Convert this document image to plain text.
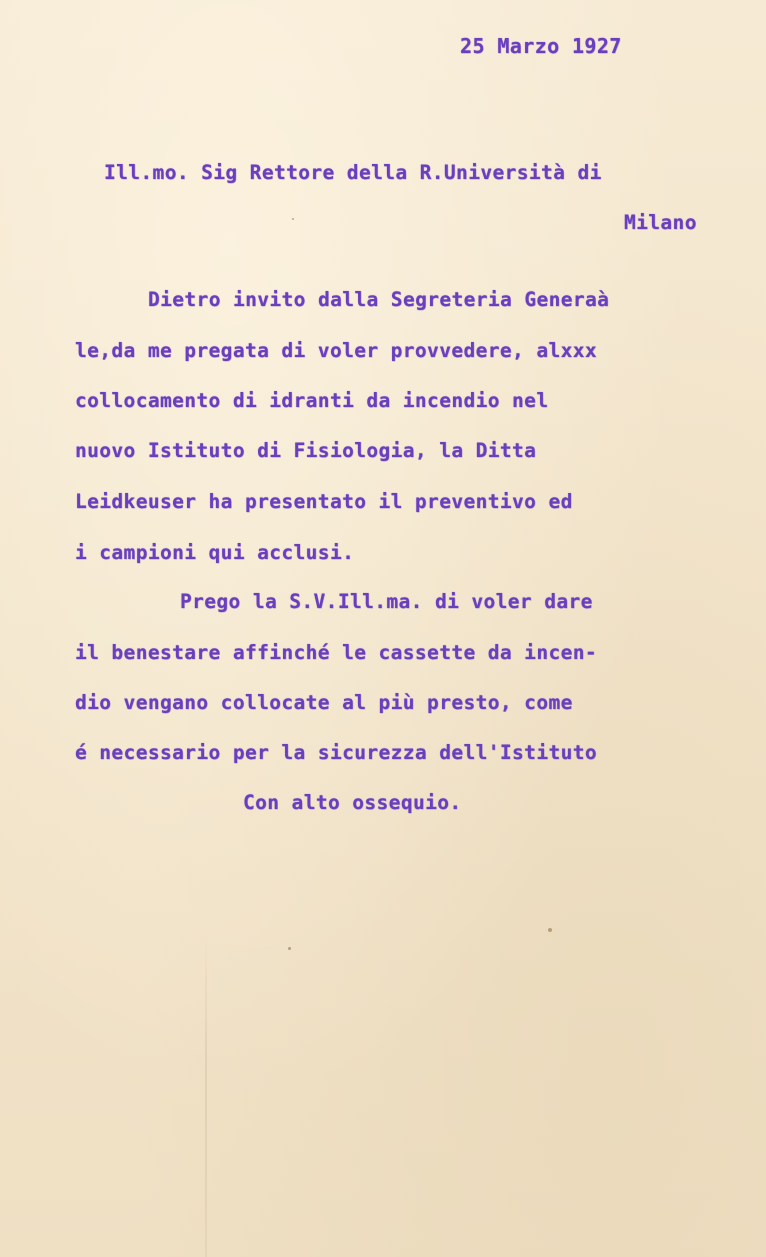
25 Marzo 1927

Ill.mo. Sig Rettore della R.Università di

Milano

Dietro invito dalla Segreteria Generaà

le,da me pregata di voler provvedere, alxxx

collocamento di idranti da incendio nel

nuovo Istituto di Fisiologia, la Ditta

Leidkeuser ha presentato il preventivo ed

i campioni qui acclusi.

Prego la S.V.Ill.ma. di voler dare

il benestare affinché le cassette da incen-

dio vengano collocate al più presto, come

é necessario per la sicurezza dell'Istituto

Con alto ossequio.
